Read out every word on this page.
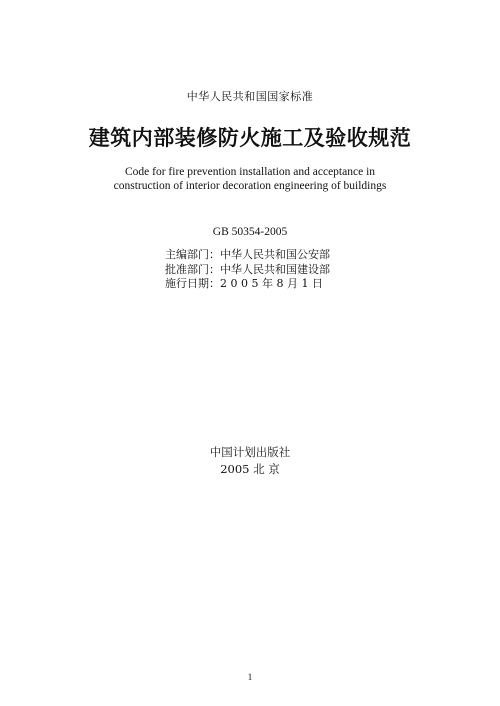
中华人民共和国国家标准
建筑内部装修防火施工及验收规范
Code for fire prevention installation and acceptance in
construction of interior decoration engineering of buildings
GB 50354-2005
主编部门：中华人民共和国公安部
批准部门：中华人民共和国建设部
施行日期：2 0 0 5 年 8 月 1 日
中国计划出版社
2005 北 京
1
